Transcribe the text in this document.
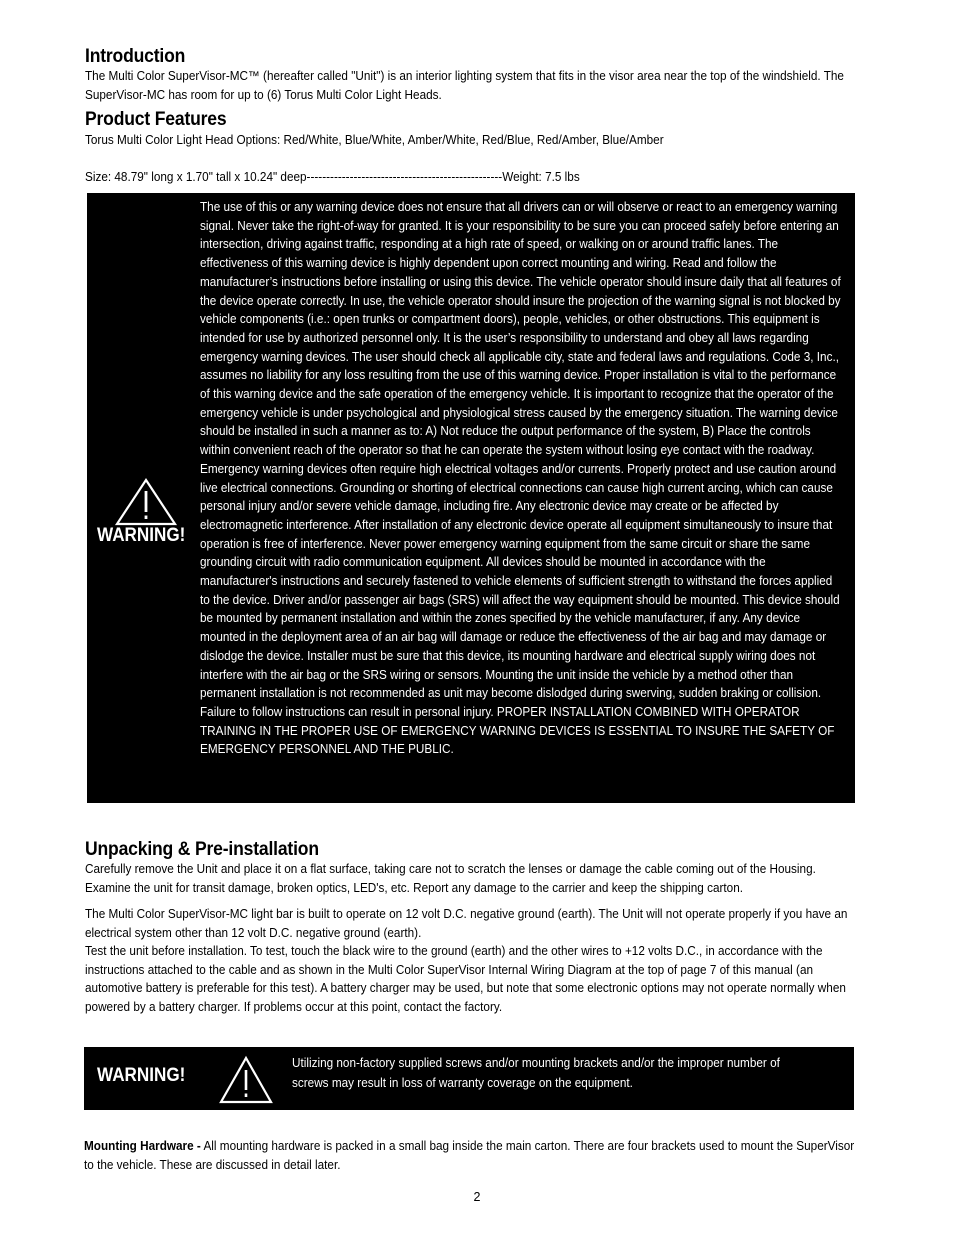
Introduction

The Multi Color SuperVisor-MC™ (hereafter called "Unit") is an interior lighting system that fits in the visor area near the top of the windshield. The SuperVisor-MC has room for up to (6) Torus Multi Color Light Heads.

Product Features

Torus Multi Color Light Head Options: Red/White, Blue/White, Amber/White, Red/Blue, Red/Amber, Blue/Amber

Size: 48.79" long x 1.70" tall x 10.24" deep--------------------------------------------------Weight: 7.5 lbs

WARNING!
The use of this or any warning device does not ensure that all drivers can or will observe or react to an emergency warning signal. Never take the right-of-way for granted. It is your responsibility to be sure you can proceed safely before entering an intersection, driving against traffic, responding at a high rate of speed, or walking on or around traffic lanes. The effectiveness of this warning device is highly dependent upon correct mounting and wiring. Read and follow the manufacturer’s instructions before installing or using this device. The vehicle operator should insure daily that all features of the device operate correctly. In use, the vehicle operator should insure the projection of the warning signal is not blocked by vehicle components (i.e.: open trunks or compartment doors), people, vehicles, or other obstructions. This equipment is intended for use by authorized personnel only. It is the user’s responsibility to understand and obey all laws regarding emergency warning devices. The user should check all applicable city, state and federal laws and regulations. Code 3, Inc., assumes no liability for any loss resulting from the use of this warning device. Proper installation is vital to the performance of this warning device and the safe operation of the emergency vehicle. It is important to recognize that the operator of the emergency vehicle is under psychological and physiological stress caused by the emergency situation. The warning device should be installed in such a manner as to: A) Not reduce the output performance of the system, B) Place the controls within convenient reach of the operator so that he can operate the system without losing eye contact with the roadway. Emergency warning devices often require high electrical voltages and/or currents. Properly protect and use caution around live electrical connections. Grounding or shorting of electrical connections can cause high current arcing, which can cause personal injury and/or severe vehicle damage, including fire. Any electronic device may create or be affected by electromagnetic interference. After installation of any electronic device operate all equipment simultaneously to insure that operation is free of interference. Never power emergency warning equipment from the same circuit or share the same grounding circuit with radio communication equipment. All devices should be mounted in accordance with the manufacturer's instructions and securely fastened to vehicle elements of sufficient strength to withstand the forces applied to the device. Driver and/or passenger air bags (SRS) will affect the way equipment should be mounted. This device should be mounted by permanent installation and within the zones specified by the vehicle manufacturer, if any. Any device mounted in the deployment area of an air bag will damage or reduce the effectiveness of the air bag and may damage or dislodge the device. Installer must be sure that this device, its mounting hardware and electrical supply wiring does not interfere with the air bag or the SRS wiring or sensors. Mounting the unit inside the vehicle by a method other than permanent installation is not recommended as unit may become dislodged during swerving, sudden braking or collision. Failure to follow instructions can result in personal injury. PROPER INSTALLATION COMBINED WITH OPERATOR TRAINING IN THE PROPER USE OF EMERGENCY WARNING DEVICES IS ESSENTIAL TO INSURE THE SAFETY OF EMERGENCY PERSONNEL AND THE PUBLIC.
Unpacking & Pre-installation

Carefully remove the Unit and place it on a flat surface, taking care not to scratch the lenses or damage the cable coming out of the Housing. Examine the unit for transit damage, broken optics, LED's, etc. Report any damage to the carrier and keep the shipping carton.

The Multi Color SuperVisor-MC light bar is built to operate on 12 volt D.C. negative ground (earth). The Unit will not operate properly if you have an electrical system other than 12 volt D.C. negative ground (earth).

Test the unit before installation. To test, touch the black wire to the ground (earth) and the other wires to +12 volts D.C., in accordance with the instructions attached to the cable and as shown in the Multi Color SuperVisor Internal Wiring Diagram at the top of page 7 of this manual (an automotive battery is preferable for this test). A battery charger may be used, but note that some electronic options may not operate normally when powered by a battery charger. If problems occur at this point, contact the factory.

WARNING!
Utilizing non-factory supplied screws and/or mounting brackets and/or the improper number of screws may result in loss of warranty coverage on the equipment.

Mounting Hardware - All mounting hardware is packed in a small bag inside the main carton. There are four brackets used to mount the SuperVisor to the vehicle. These are discussed in detail later.

2
